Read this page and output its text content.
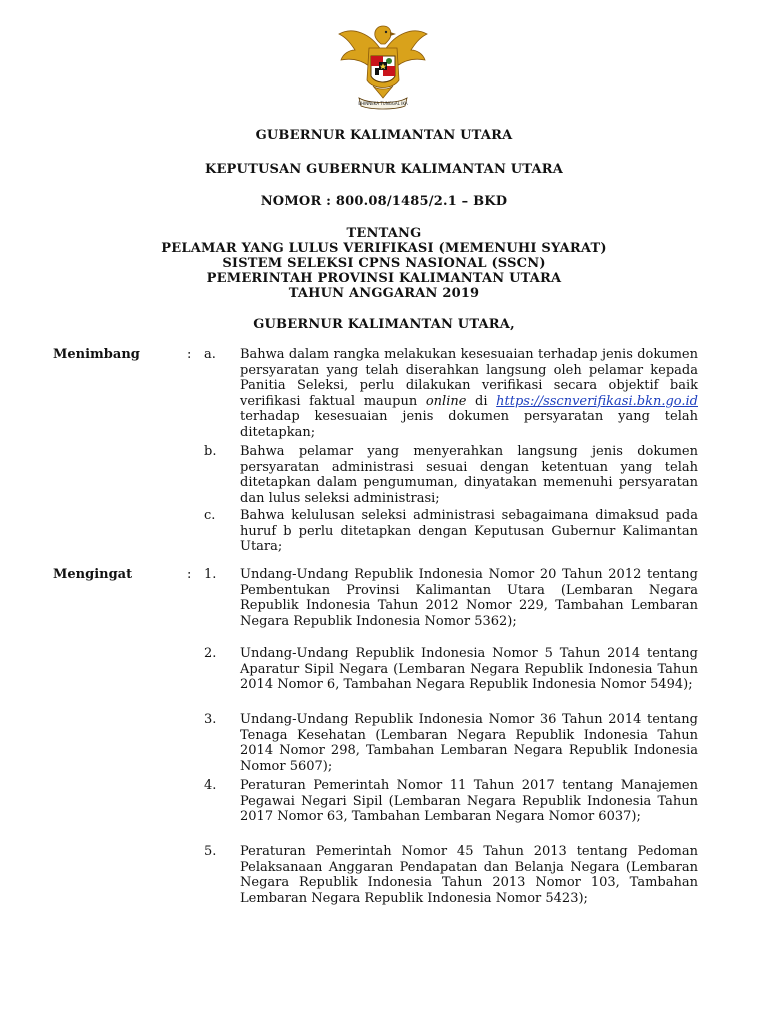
BHINNEKA TUNGGAL IKA
GUBERNUR KALIMANTAN UTARA
KEPUTUSAN GUBERNUR KALIMANTAN UTARA
NOMOR : 800.08/1485/2.1 – BKD
TENTANG
PELAMAR YANG LULUS VERIFIKASI (MEMENUHI SYARAT)
SISTEM SELEKSI CPNS NASIONAL (SSCN)
PEMERINTAH PROVINSI KALIMANTAN UTARA
TAHUN ANGGARAN 2019
GUBERNUR KALIMANTAN UTARA,
Menimbang	: a. Bahwa dalam rangka melakukan kesesuaian terhadap jenis dokumen persyaratan yang telah diserahkan langsung oleh pelamar kepada Panitia Seleksi, perlu dilakukan verifikasi secara objektif baik verifikasi faktual maupun online di https://sscnverifikasi.bkn.go.id terhadap kesesuaian jenis dokumen persyaratan yang telah ditetapkan;
b. Bahwa pelamar yang menyerahkan langsung jenis dokumen persyaratan administrasi sesuai dengan ketentuan yang telah ditetapkan dalam pengumuman, dinyatakan memenuhi persyaratan dan lulus seleksi administrasi;
c. Bahwa kelulusan seleksi administrasi sebagaimana dimaksud pada huruf b perlu ditetapkan dengan Keputusan Gubernur Kalimantan Utara;
Mengingat	: 1. Undang-Undang Republik Indonesia Nomor 20 Tahun 2012 tentang Pembentukan Provinsi Kalimantan Utara (Lembaran Negara Republik Indonesia Tahun 2012 Nomor 229, Tambahan Lembaran Negara Republik Indonesia Nomor 5362);
2. Undang-Undang Republik Indonesia Nomor 5 Tahun 2014 tentang Aparatur Sipil Negara (Lembaran Negara Republik Indonesia Tahun 2014 Nomor 6, Tambahan Negara Republik Indonesia Nomor 5494);
3. Undang-Undang Republik Indonesia Nomor 36 Tahun 2014 tentang Tenaga Kesehatan (Lembaran Negara Republik Indonesia Tahun 2014 Nomor 298, Tambahan Lembaran Negara Republik Indonesia Nomor 5607);
4. Peraturan Pemerintah Nomor 11 Tahun 2017 tentang Manajemen Pegawai Negari Sipil (Lembaran Negara Republik Indonesia Tahun 2017 Nomor 63, Tambahan Lembaran Negara Nomor 6037);
5. Peraturan Pemerintah Nomor 45 Tahun 2013 tentang Pedoman Pelaksanaan Anggaran Pendapatan dan Belanja Negara (Lembaran Negara Republik Indonesia Tahun 2013 Nomor 103, Tambahan Lembaran Negara Republik Indonesia Nomor 5423);
